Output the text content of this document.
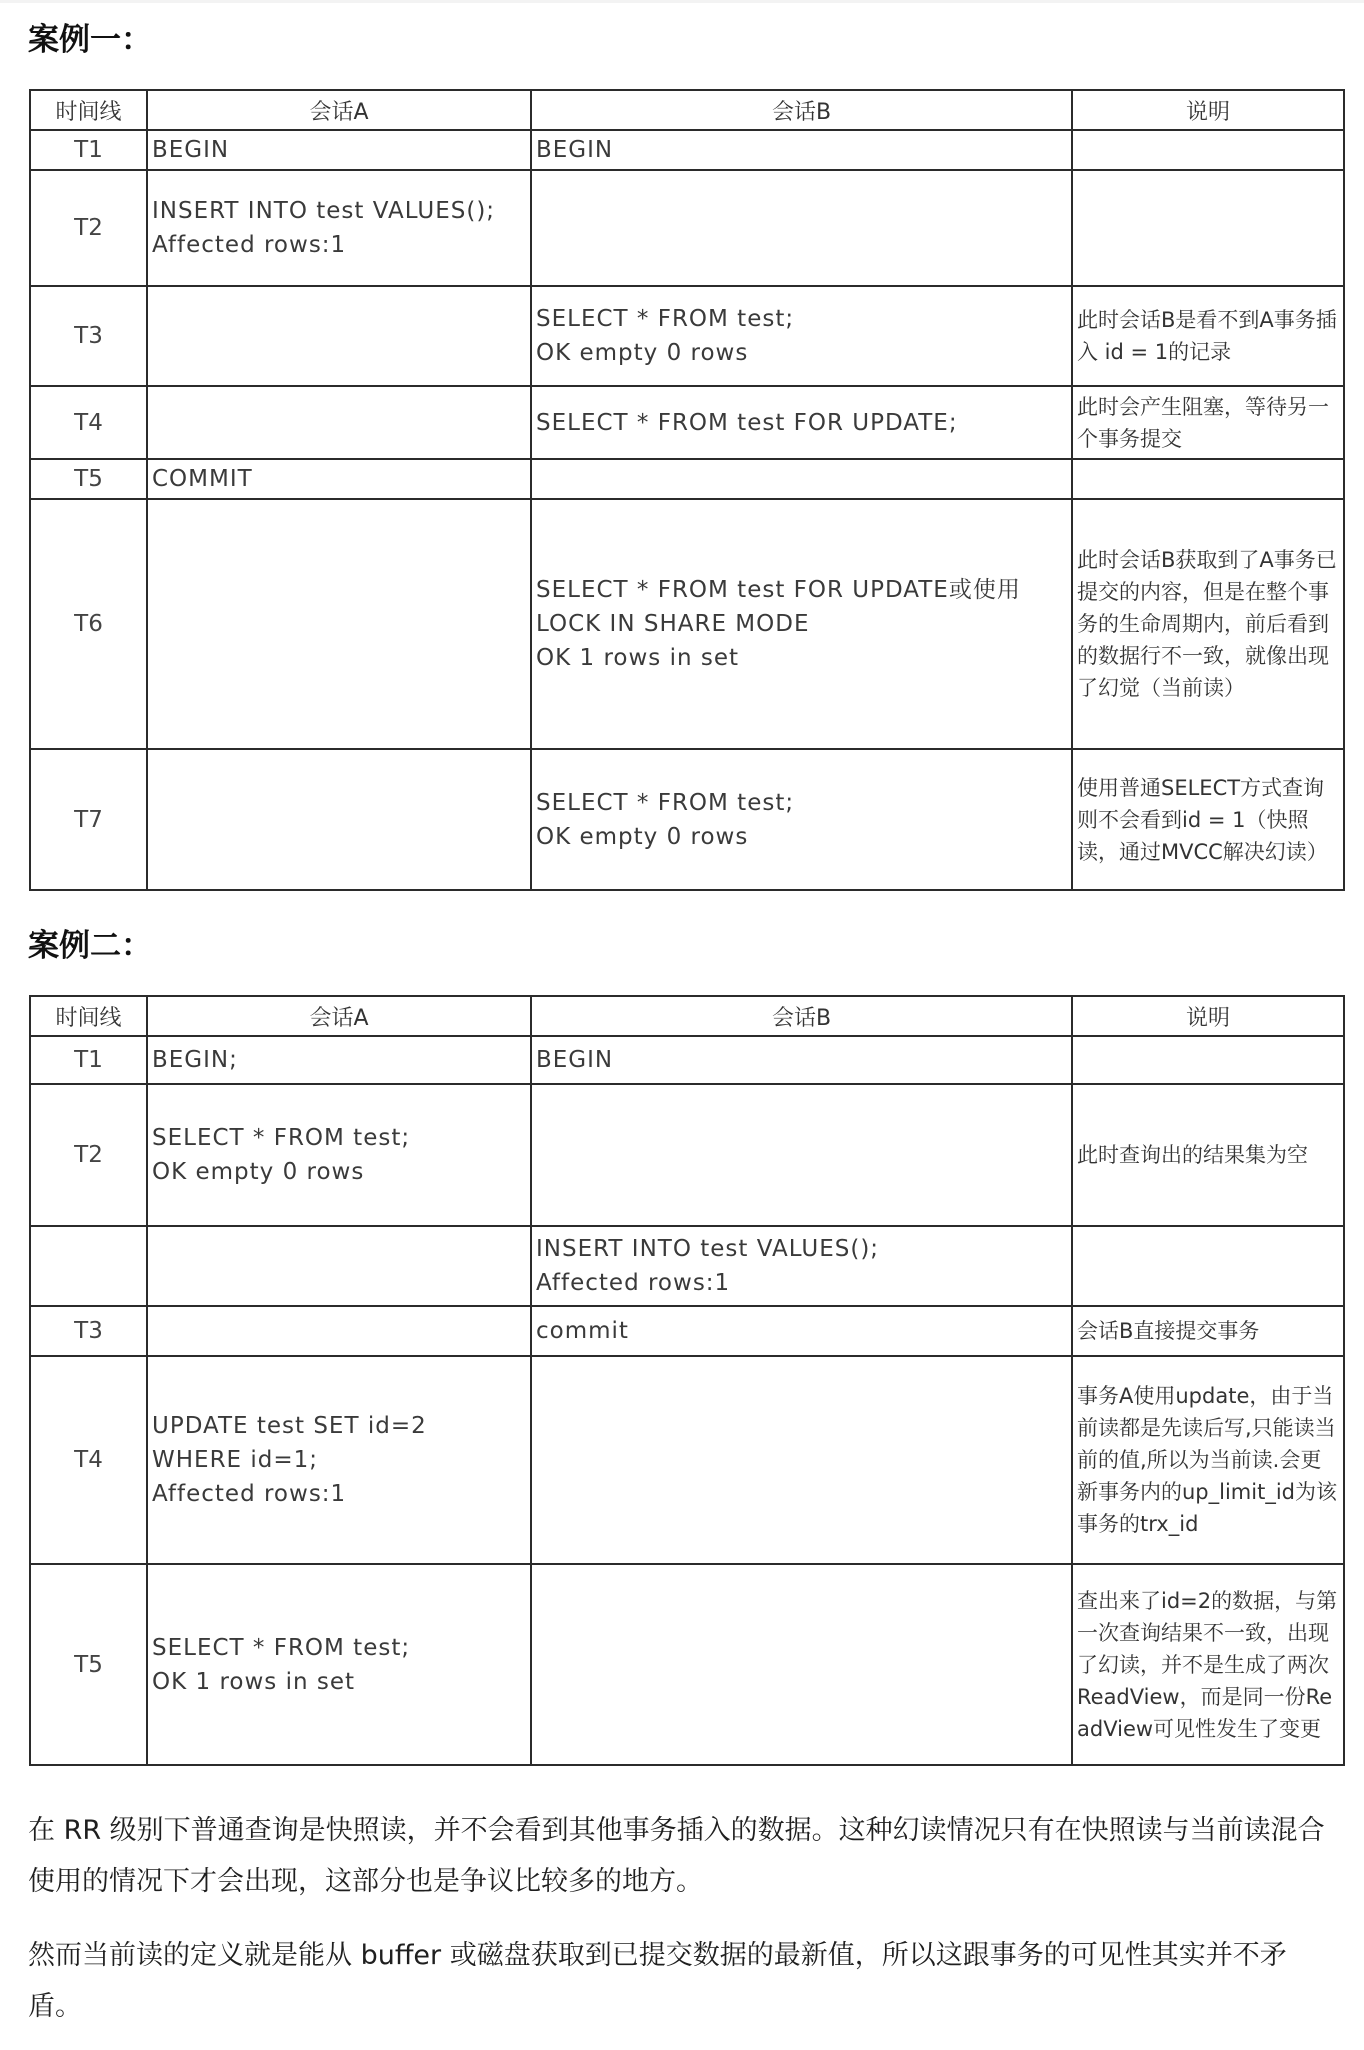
案例一：
时间线	会话A	会话B	说明
T1	BEGIN	BEGIN	
T2	INSERT INTO test VALUES();
Affected rows:1		
T3		SELECT * FROM test;
OK empty 0 rows	此时会话B是看不到A事务插入 id = 1的记录
T4		SELECT * FROM test FOR UPDATE;	此时会产生阻塞，等待另一个事务提交
T5	COMMIT		
T6		SELECT * FROM test FOR UPDATE或使用
LOCK IN SHARE MODE
OK 1 rows in set	此时会话B获取到了A事务已提交的内容，但是在整个事务的生命周期内，前后看到的数据行不一致，就像出现了幻觉（当前读）
T7		SELECT * FROM test;
OK empty 0 rows	使用普通SELECT方式查询则不会看到id = 1（快照读，通过MVCC解决幻读）
案例二：
时间线	会话A	会话B	说明
T1	BEGIN;	BEGIN	
T2	SELECT * FROM test;
OK empty 0 rows		此时查询出的结果集为空
		INSERT INTO test VALUES();
Affected rows:1	
T3		commit	会话B直接提交事务
T4	UPDATE test SET id=2
WHERE id=1;
Affected rows:1		事务A使用update，由于当前读都是先读后写,只能读当前的值,所以为当前读.会更新事务内的up_limit_id为该事务的trx_id
T5	SELECT * FROM test;
OK 1 rows in set		查出来了id=2的数据，与第一次查询结果不一致，出现了幻读，并不是生成了两次ReadView，而是同一份ReadView可见性发生了变更

在 RR 级别下普通查询是快照读，并不会看到其他事务插入的数据。这种幻读情况只有在快照读与当前读混合使用的情况下才会出现，这部分也是争议比较多的地方。

然而当前读的定义就是能从 buffer 或磁盘获取到已提交数据的最新值，所以这跟事务的可见性其实并不矛盾。
